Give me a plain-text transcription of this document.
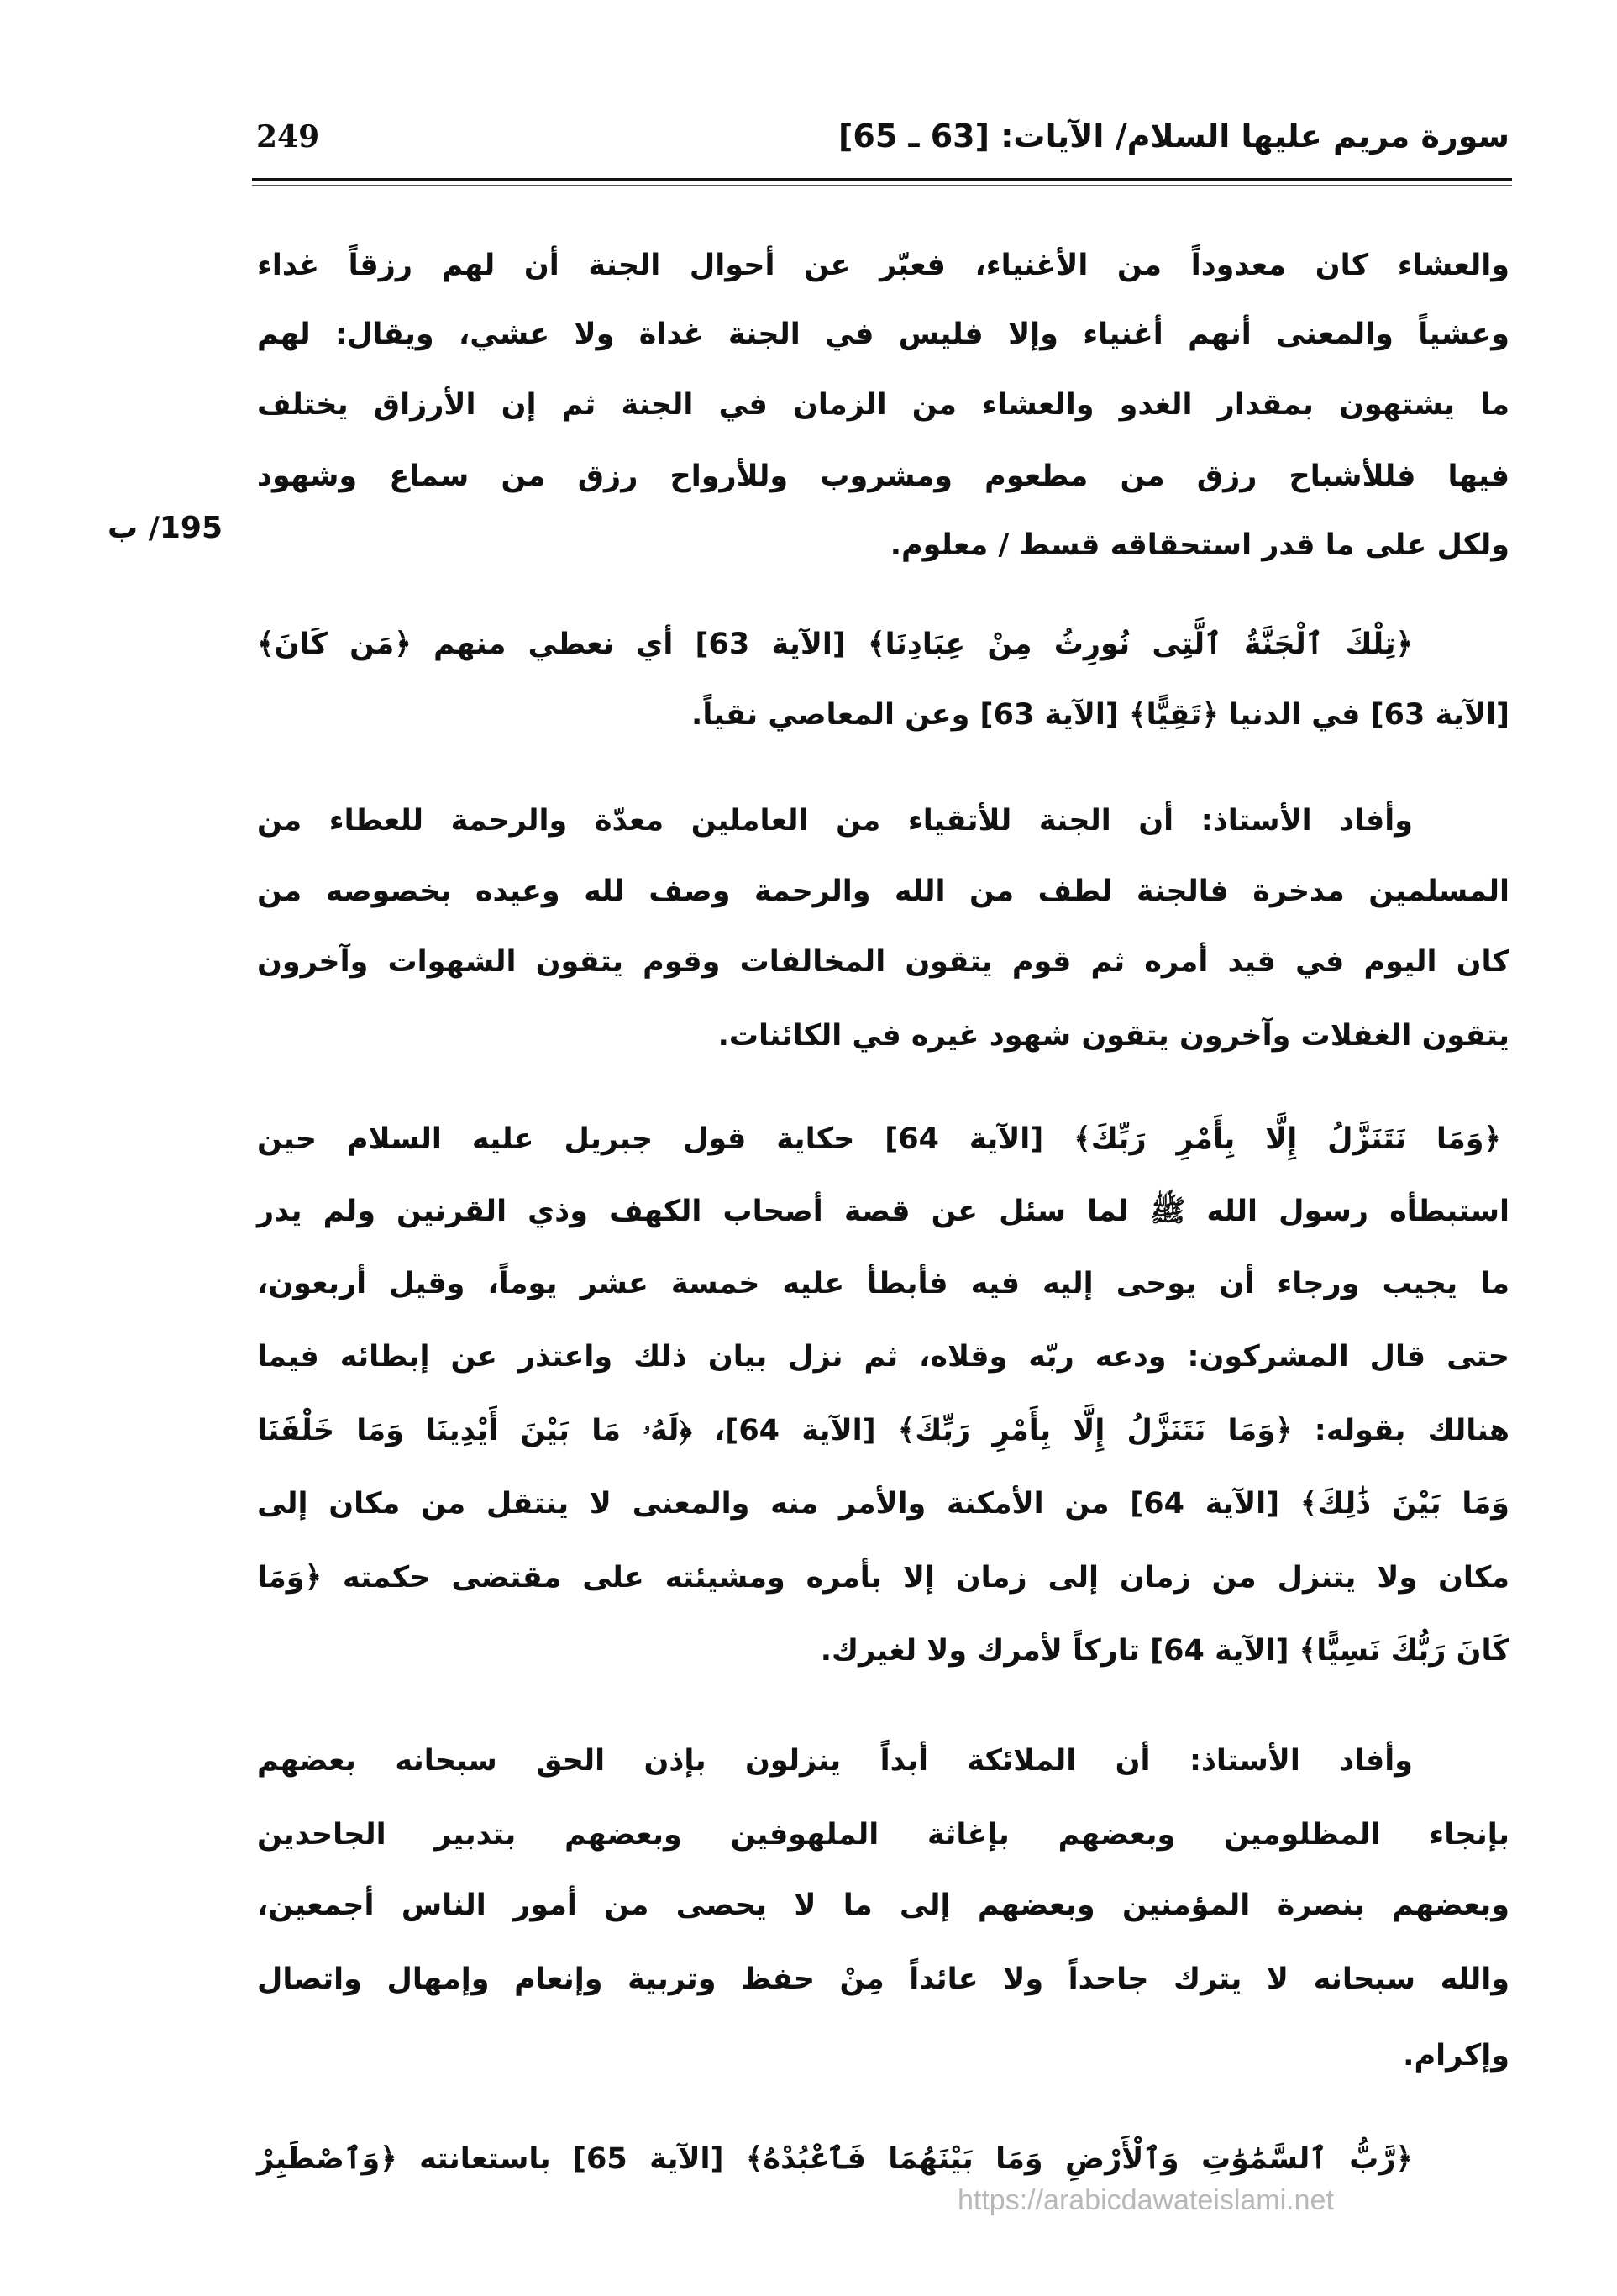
سورة مريم عليها السلام/ الآيات: [63 ـ 65]
249
195/ ب
والعشاء كان معدوداً من الأغنياء، فعبّر عن أحوال الجنة أن لهم رزقاً غداء
وعشياً والمعنى أنهم أغنياء وإلا فليس في الجنة غداة ولا عشي، ويقال: لهم
ما يشتهون بمقدار الغدو والعشاء من الزمان في الجنة ثم إن الأرزاق يختلف
فيها فللأشباح رزق من مطعوم ومشروب وللأرواح رزق من سماع وشهود
ولكل على ما قدر استحقاقه قسط / معلوم.
﴿تِلْكَ ٱلْجَنَّةُ ٱلَّتِى نُورِثُ مِنْ عِبَادِنَا﴾ [الآية 63] أي نعطي منهم ﴿مَن كَانَ﴾
[الآية 63] في الدنيا ﴿تَقِيًّا﴾ [الآية 63] وعن المعاصي نقياً.
وأفاد الأستاذ: أن الجنة للأتقياء من العاملين معدّة والرحمة للعطاء من
المسلمين مدخرة فالجنة لطف من الله والرحمة وصف لله وعيده بخصوصه من
كان اليوم في قيد أمره ثم قوم يتقون المخالفات وقوم يتقون الشهوات وآخرون
يتقون الغفلات وآخرون يتقون شهود غيره في الكائنات.
﴿وَمَا نَتَنَزَّلُ إِلَّا بِأَمْرِ رَبِّكَ﴾ [الآية 64] حكاية قول جبريل عليه السلام حين
استبطأه رسول الله ﷺ لما سئل عن قصة أصحاب الكهف وذي القرنين ولم يدر
ما يجيب ورجاء أن يوحى إليه فيه فأبطأ عليه خمسة عشر يوماً، وقيل أربعون،
حتى قال المشركون: ودعه ربّه وقلاه، ثم نزل بيان ذلك واعتذر عن إبطائه فيما
هنالك بقوله: ﴿وَمَا نَتَنَزَّلُ إِلَّا بِأَمْرِ رَبِّكَ﴾ [الآية 64]، ﴿لَهُۥ مَا بَيْنَ أَيْدِينَا وَمَا خَلْفَنَا
وَمَا بَيْنَ ذَٰلِكَ﴾ [الآية 64] من الأمكنة والأمر منه والمعنى لا ينتقل من مكان إلى
مكان ولا يتنزل من زمان إلى زمان إلا بأمره ومشيئته على مقتضى حكمته ﴿وَمَا
كَانَ رَبُّكَ نَسِيًّا﴾ [الآية 64] تاركاً لأمرك ولا لغيرك.
وأفاد الأستاذ: أن الملائكة أبداً ينزلون بإذن الحق سبحانه بعضهم
بإنجاء المظلومين وبعضهم بإغاثة الملهوفين وبعضهم بتدبير الجاحدين
وبعضهم بنصرة المؤمنين وبعضهم إلى ما لا يحصى من أمور الناس أجمعين،
والله سبحانه لا يترك جاحداً ولا عائداً مِنْ حفظ وتربية وإنعام وإمهال واتصال
وإكرام.
﴿رَّبُّ ٱلسَّمَٰوَٰتِ وَٱلْأَرْضِ وَمَا بَيْنَهُمَا فَٱعْبُدْهُ﴾ [الآية 65] باستعانته ﴿وَٱصْطَبِرْ
https://arabicdawateislami.net
